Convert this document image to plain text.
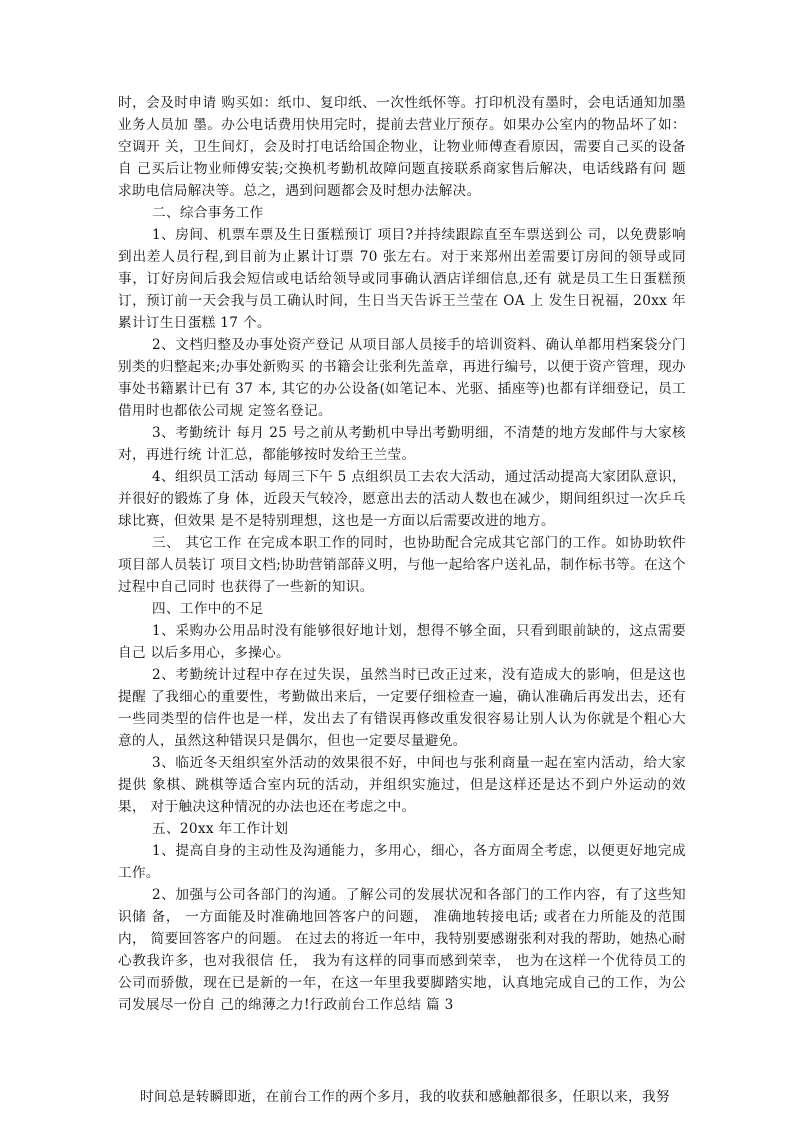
时，会及时申请 购买如：纸巾、复印纸、一次性纸怀等。打印机没有墨时，会电话通知加墨业务人员加 墨。办公电话费用快用完时，提前去营业厅预存。如果办公室内的物品坏了如：空调开 关，卫生间灯，会及时打电话给国企物业，让物业师傅查看原因，需要自己买的设备自 己买后让物业师傅安装;交换机考勤机故障问题直接联系商家售后解决，电话线路有问 题求助电信局解决等。总之，遇到问题都会及时想办法解决。

二、综合事务工作

1、房间、机票车票及生日蛋糕预订 项目?并持续跟踪直至车票送到公 司，以免费影响到出差人员行程,到目前为止累计订票 70 张左右。对于来郑州出差需要订房间的领导或同事，订好房间后我会短信或电话给领导或同事确认酒店详细信息,还有 就是员工生日蛋糕预订，预订前一天会我与员工确认时间，生日当天告诉王兰莹在 OA 上 发生日祝福，20xx 年累计订生日蛋糕 17 个。

2、文档归整及办事处资产登记 从项目部人员接手的培训资料、确认单都用档案袋分门别类的归整起来;办事处新购买 的书籍会让张利先盖章，再进行编号，以便于资产管理，现办事处书籍累计已有 37 本, 其它的办公设备(如笔记本、光驱、插座等)也都有详细登记，员工借用时也都依公司规 定签名登记。

3、考勤统计 每月 25 号之前从考勤机中导出考勤明细，不清楚的地方发邮件与大家核对，再进行统 计汇总，都能够按时发给王兰莹。

4、组织员工活动 每周三下午 5 点组织员工去农大活动，通过活动提高大家团队意识，并很好的锻炼了身 体，近段天气较冷，愿意出去的活动人数也在减少，期间组织过一次乒乓球比赛，但效果 是不是特别理想，这也是一方面以后需要改进的地方。

三、 其它工作 在完成本职工作的同时，也协助配合完成其它部门的工作。如协助软件项目部人员装订 项目文档;协助营销部薛义明，与他一起给客户送礼品，制作标书等。在这个过程中自己同时 也获得了一些新的知识。

四、工作中的不足

1、采购办公用品时没有能够很好地计划，想得不够全面，只看到眼前缺的，这点需要自己 以后多用心，多操心。

2、考勤统计过程中存在过失误，虽然当时已改正过来，没有造成大的影响，但是这也提醒 了我细心的重要性，考勤做出来后，一定要仔细检查一遍，确认准确后再发出去，还有 一些同类型的信件也是一样，发出去了有错误再修改重发很容易让别人认为你就是个粗心大意的人，虽然这种错误只是偶尔，但也一定要尽量避免。

3、临近冬天组织室外活动的效果很不好，中间也与张利商量一起在室内活动，给大家提供 象棋、跳棋等适合室内玩的活动，并组织实施过，但是这样还是达不到户外运动的效果， 对于触决这种情况的办法也还在考虑之中。

五、20xx 年工作计划

1、提高自身的主动性及沟通能力，多用心，细心，各方面周全考虑，以便更好地完成工作。

2、加强与公司各部门的沟通。了解公司的发展状况和各部门的工作内容，有了这些知识储 备， 一方面能及时准确地回答客户的问题， 准确地转接电话; 或者在力所能及的范围内， 简要回答客户的问题。 在过去的将近一年中，我特别要感谢张利对我的帮助，她热心耐心教我许多，也对我很信 任， 我为有这样的同事而感到荣幸， 也为在这样一个优待员工的公司而骄傲，现在已是新的一年，在这一年里我要脚踏实地，认真地完成自己的工作，为公司发展尽一份自 己的绵薄之力!行政前台工作总结 篇 3

时间总是转瞬即逝，在前台工作的两个多月，我的收获和感触都很多，任职以来，我努
